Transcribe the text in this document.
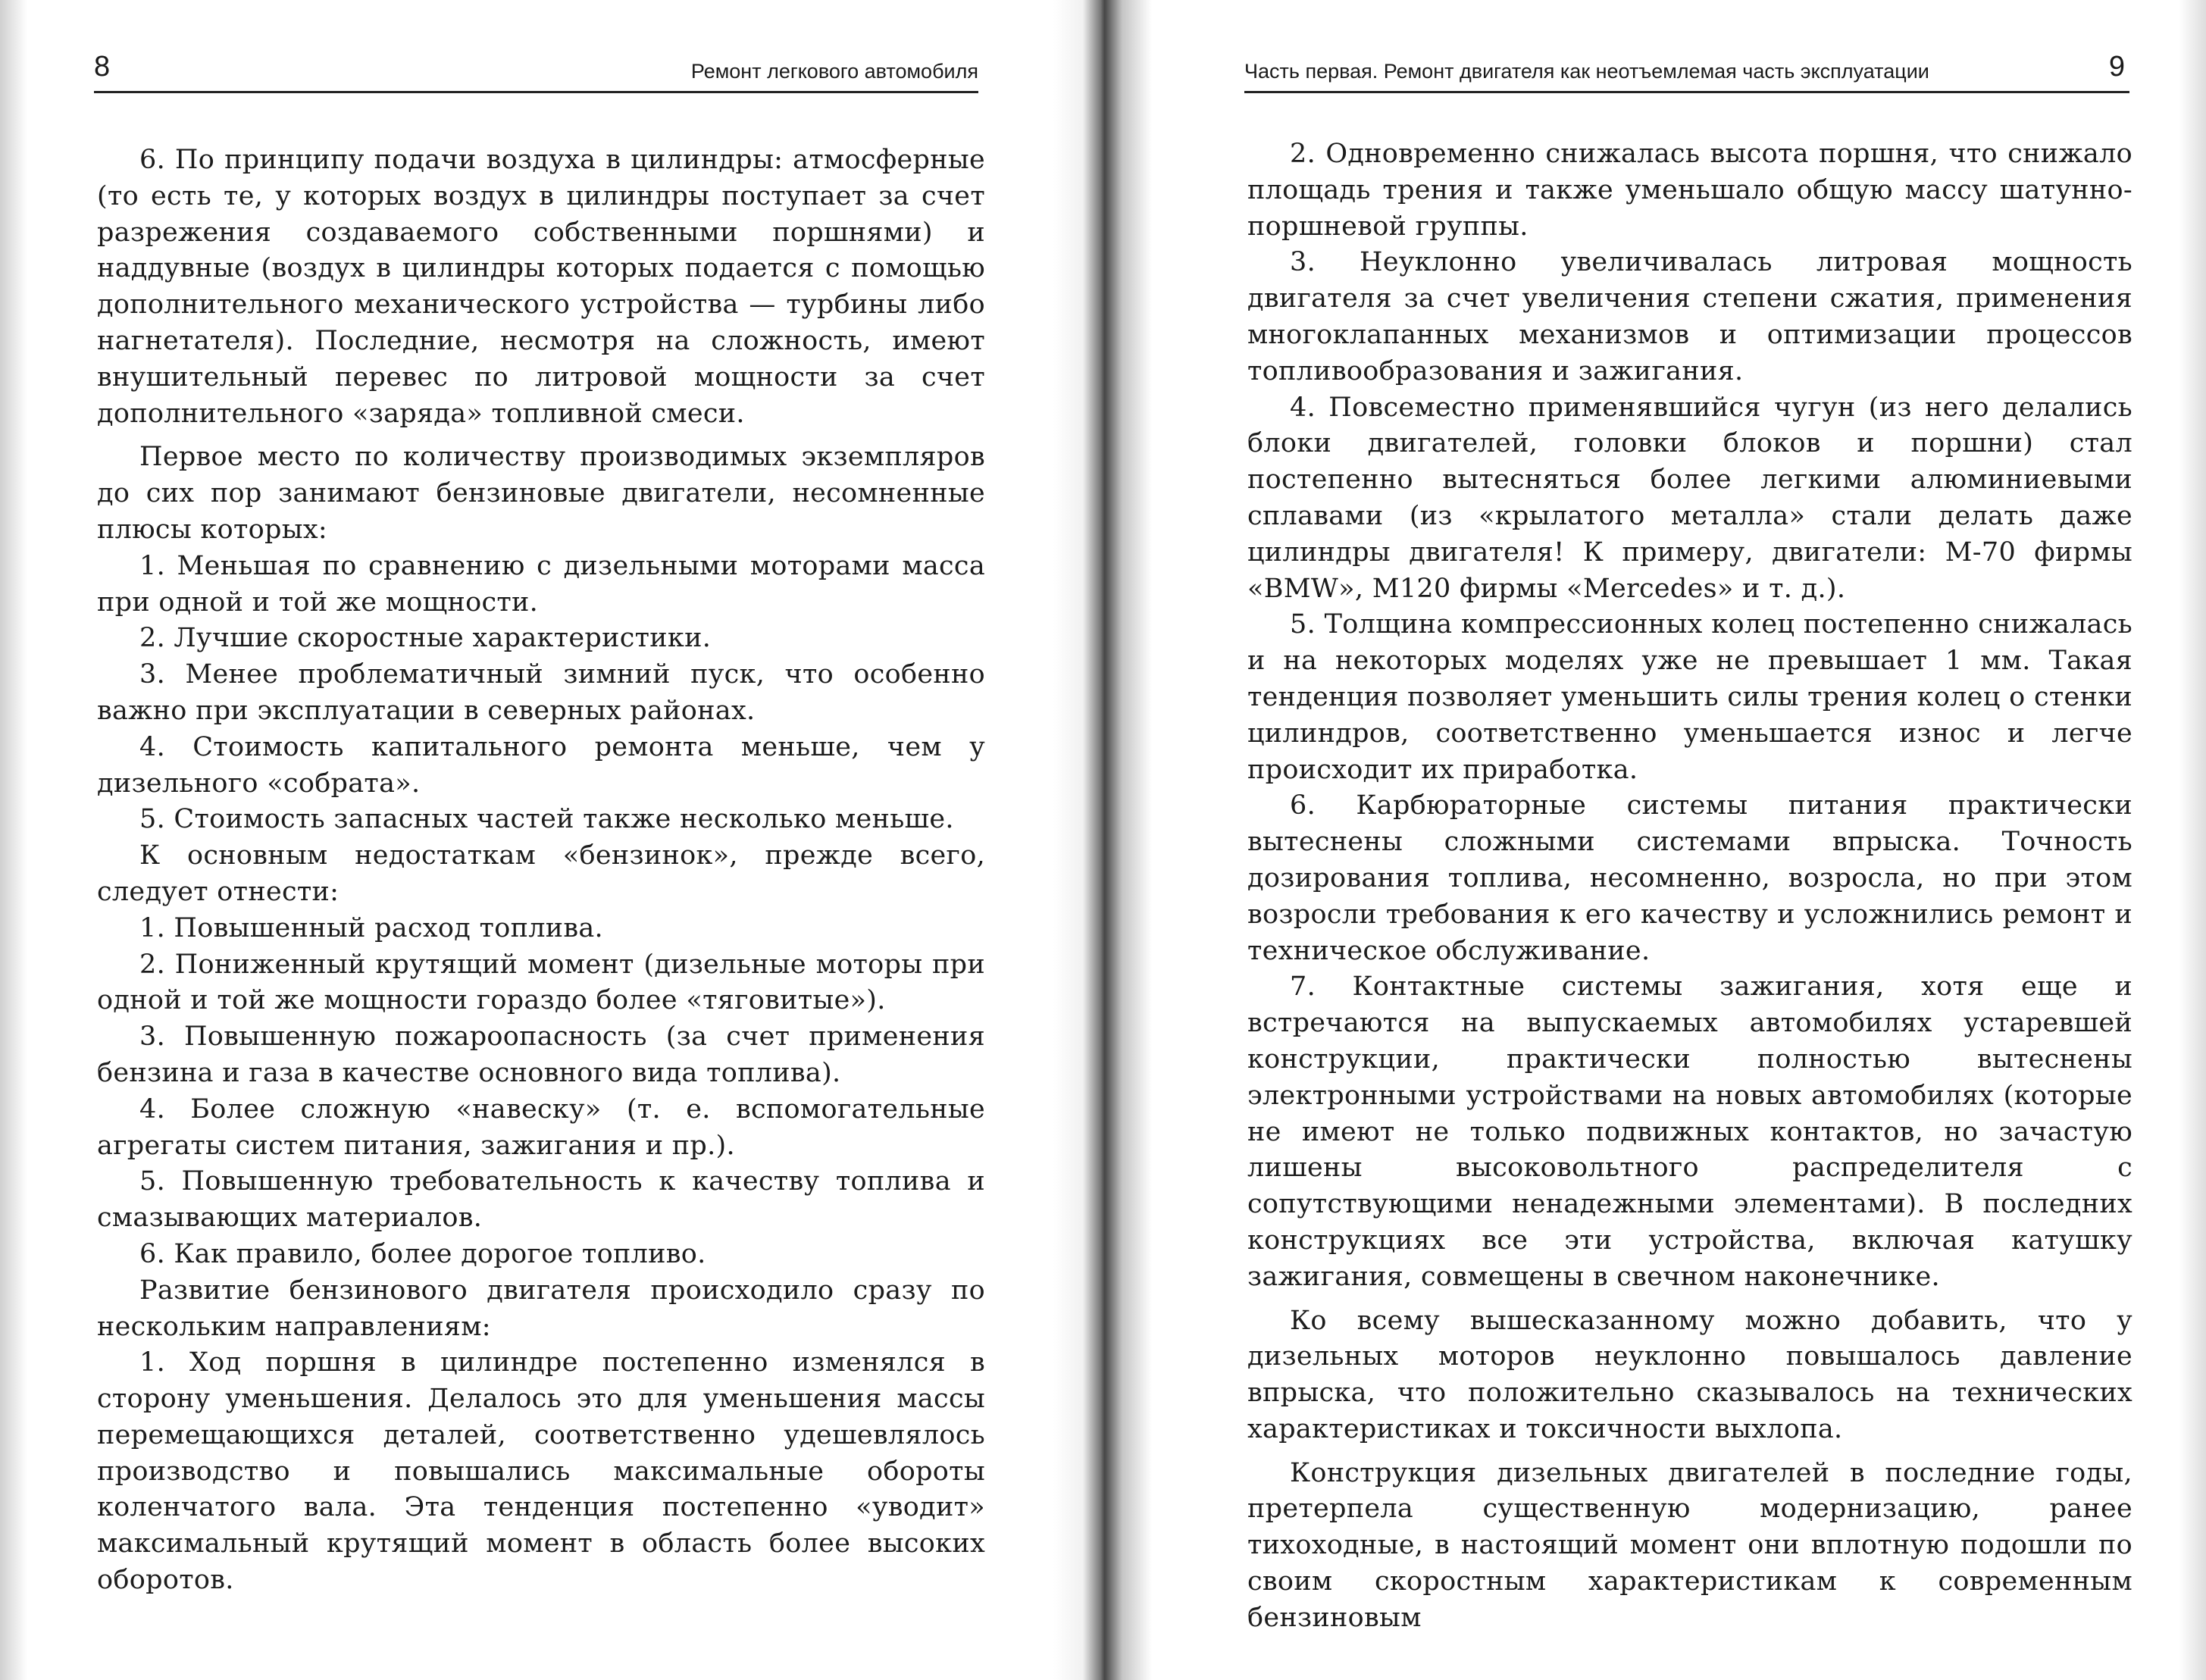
8	Ремонт легкового автомобиля

6. По принципу подачи воздуха в цилиндры: атмосферные (то есть те, у которых воздух в цилиндры поступает за счет разрежения создаваемого собственными поршнями) и наддувные (воздух в цилиндры которых подается с помощью дополнительного механического устройства — турбины либо нагнетателя). Последние, несмотря на сложность, имеют внушительный перевес по литровой мощности за счет дополнительного «заряда» топливной смеси.

Первое место по количеству производимых экземпляров до сих пор занимают бензиновые двигатели, несомненные плюсы которых:

1. Меньшая по сравнению с дизельными моторами масса при одной и той же мощности.

2. Лучшие скоростные характеристики.

3. Менее проблематичный зимний пуск, что особенно важно при эксплуатации в северных районах.

4. Стоимость капитального ремонта меньше, чем у дизельного «собрата».

5. Стоимость запасных частей также несколько меньше.

К основным недостаткам «бензинок», прежде всего, следует отнести:

1. Повышенный расход топлива.

2. Пониженный крутящий момент (дизельные моторы при одной и той же мощности гораздо более «тяговитые»).

3. Повышенную пожароопасность (за счет применения бензина и газа в качестве основного вида топлива).

4. Более сложную «навеску» (т. е. вспомогательные агрегаты систем питания, зажигания и пр.).

5. Повышенную требовательность к качеству топлива и смазывающих материалов.

6. Как правило, более дорогое топливо.

Развитие бензинового двигателя происходило сразу по нескольким направлениям:

1. Ход поршня в цилиндре постепенно изменялся в сторону уменьшения. Делалось это для уменьшения массы перемещающихся деталей, соответственно удешевлялось производство и повышались максимальные обороты коленчатого вала. Эта тенденция постепенно «уводит» максимальный крутящий момент в область более высоких оборотов.

Часть первая. Ремонт двигателя как неотъемлемая часть эксплуатации	9

2. Одновременно снижалась высота поршня, что снижало площадь трения и также уменьшало общую массу шатунно-поршневой группы.

3. Неуклонно увеличивалась литровая мощность двигателя за счет увеличения степени сжатия, применения многоклапанных механизмов и оптимизации процессов топливообразования и зажигания.

4. Повсеместно применявшийся чугун (из него делались блоки двигателей, головки блоков и поршни) стал постепенно вытесняться более легкими алюминиевыми сплавами (из «крылатого металла» стали делать даже цилиндры двигателя! К примеру, двигатели: М-70 фирмы «BMW», M120 фирмы «Mercedes» и т. д.).

5. Толщина компрессионных колец постепенно снижалась и на некоторых моделях уже не превышает 1 мм. Такая тенденция позволяет уменьшить силы трения колец о стенки цилиндров, соответственно уменьшается износ и легче происходит их приработка.

6. Карбюраторные системы питания практически вытеснены сложными системами впрыска. Точность дозирования топлива, несомненно, возросла, но при этом возросли требования к его качеству и усложнились ремонт и техническое обслуживание.

7. Контактные системы зажигания, хотя еще и встречаются на выпускаемых автомобилях устаревшей конструкции, практически полностью вытеснены электронными устройствами на новых автомобилях (которые не имеют не только подвижных контактов, но зачастую лишены высоковольтного распределителя с сопутствующими ненадежными элементами). В последних конструкциях все эти устройства, включая катушку зажигания, совмещены в свечном наконечнике.

Ко всему вышесказанному можно добавить, что у дизельных моторов неуклонно повышалось давление впрыска, что положительно сказывалось на технических характеристиках и токсичности выхлопа.

Конструкция дизельных двигателей в последние годы, претерпела существенную модернизацию, ранее тихоходные, в настоящий момент они вплотную подошли по своим скоростным характеристикам к современным бензиновым
